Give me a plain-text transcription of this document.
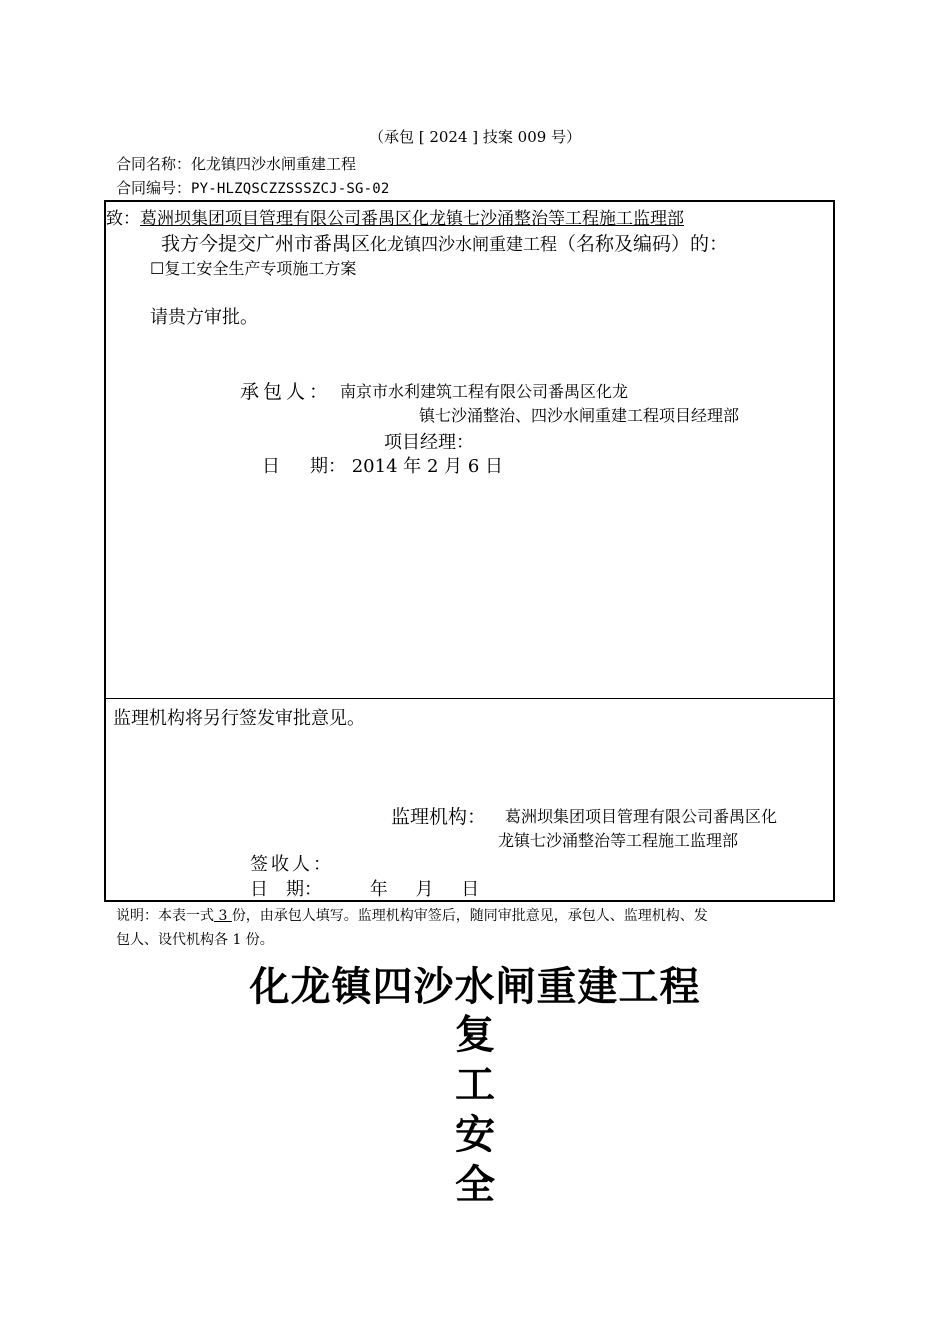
（承包 [ 2024 ] 技案 009 号）
合同名称：化龙镇四沙水闸重建工程
合同编号：PY-HLZQSCZZSSSZCJ-SG-02
致：葛洲坝集团项目管理有限公司番禺区化龙镇七沙涌整治等工程施工监理部
我方今提交广州市番禺区化龙镇四沙水闸重建工程（名称及编码）的：
☐复工安全生产专项施工方案
请贵方审批。
承包人： 南京市水利建筑工程有限公司番禺区化龙
镇七沙涌整治、四沙水闸重建工程项目经理部
项目经理：
日 期： 2014 年 2 月 6 日
监理机构将另行签发审批意见。
监理机构： 葛洲坝集团项目管理有限公司番禺区化
龙镇七沙涌整治等工程施工监理部
签收人：
日　期：	年 月 日
说明：本表一式 3 份，由承包人填写。监理机构审签后，随同审批意见，承包人、监理机构、发
包人、设代机构各 1 份。
化龙镇四沙水闸重建工程
复
工
安
全
